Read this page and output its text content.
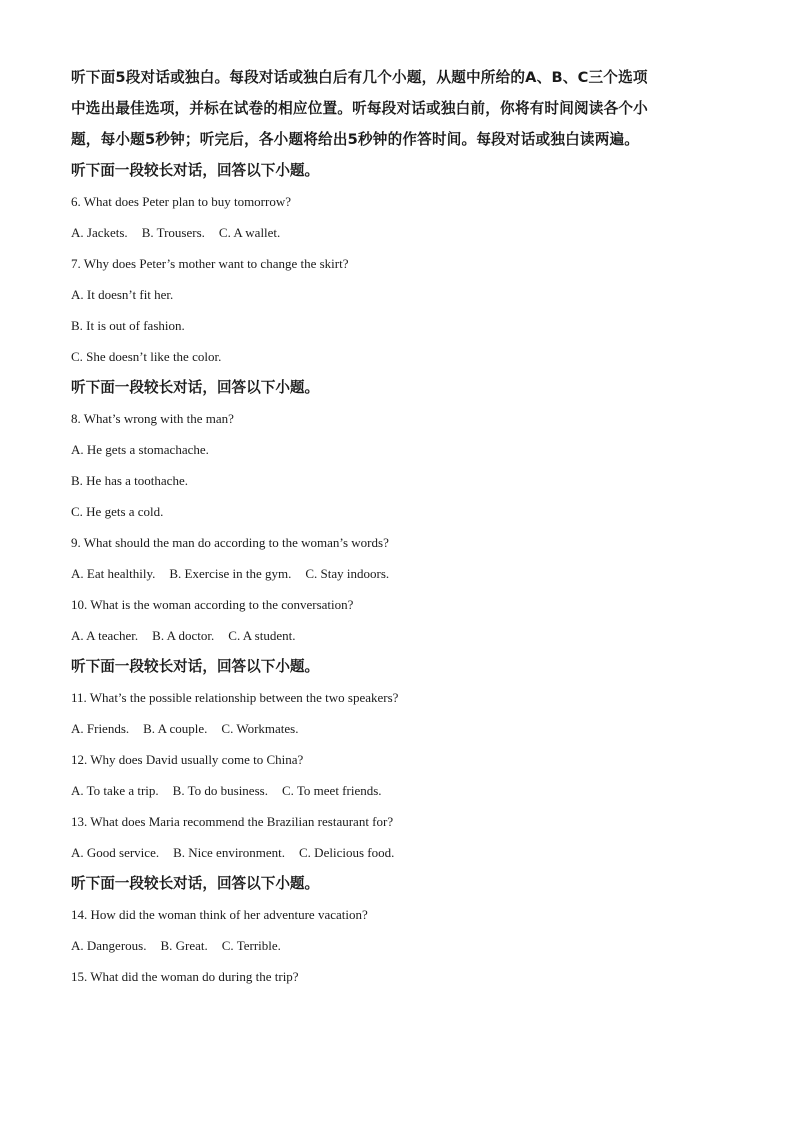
听下面5段对话或独白。每段对话或独白后有几个小题，从题中所给的A、B、C三个选项
中选出最佳选项，并标在试卷的相应位置。听每段对话或独白前，你将有时间阅读各个小
题，每小题5秒钟；听完后，各小题将给出5秒钟的作答时间。每段对话或独白读两遍。
听下面一段较长对话，回答以下小题。
6. What does Peter plan to buy tomorrow?
A. Jackets. B. Trousers. C. A wallet.
7. Why does Peter’s mother want to change the skirt?
A. It doesn’t fit her.
B. It is out of fashion.
C. She doesn’t like the color.
听下面一段较长对话，回答以下小题。
8. What’s wrong with the man?
A. He gets a stomachache.
B. He has a toothache.
C. He gets a cold.
9. What should the man do according to the woman’s words?
A. Eat healthily. B. Exercise in the gym. C. Stay indoors.
10. What is the woman according to the conversation?
A. A teacher. B. A doctor. C. A student.
听下面一段较长对话，回答以下小题。
11. What’s the possible relationship between the two speakers?
A. Friends. B. A couple. C. Workmates.
12. Why does David usually come to China?
A. To take a trip. B. To do business. C. To meet friends.
13. What does Maria recommend the Brazilian restaurant for?
A. Good service. B. Nice environment. C. Delicious food.
听下面一段较长对话，回答以下小题。
14. How did the woman think of her adventure vacation?
A. Dangerous. B. Great. C. Terrible.
15. What did the woman do during the trip?
